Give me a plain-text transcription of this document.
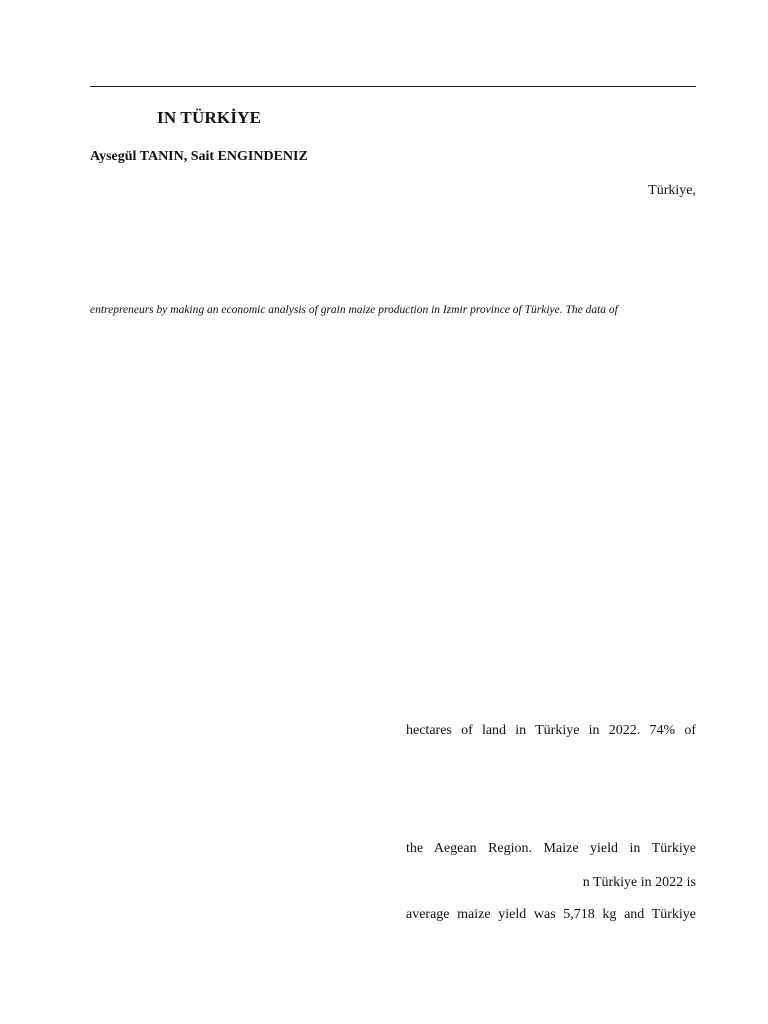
IN TÜRKİYE
Aysegül TANIN, Sait ENGINDENIZ
Türkiye,
entrepreneurs by making an economic analysis of grain maize production in Izmir province of Türkiye. The data of
hectares of land in Türkiye in 2022. 74% of
the Aegean Region. Maize yield in Türkiye
n Türkiye in 2022 is
average maize yield was 5,718 kg and Türkiye
